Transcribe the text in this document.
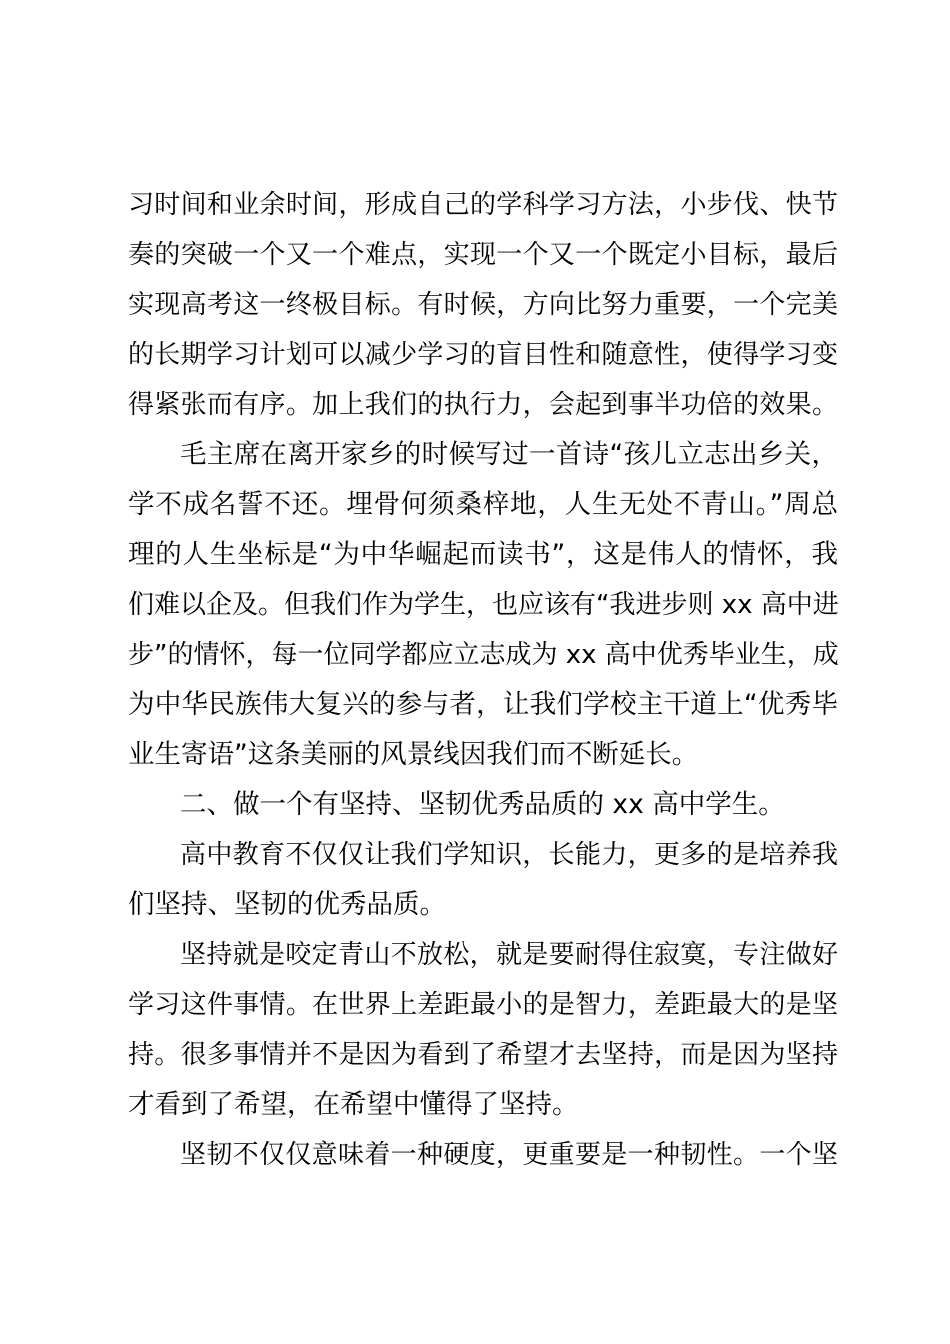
习时间和业余时间，形成自己的学科学习方法，小步伐、快节
奏的突破一个又一个难点，实现一个又一个既定小目标，最后
实现高考这一终极目标。有时候，方向比努力重要，一个完美
的长期学习计划可以减少学习的盲目性和随意性，使得学习变
得紧张而有序。加上我们的执行力，会起到事半功倍的效果。
毛主席在离开家乡的时候写过一首诗“孩儿立志出乡关，
学不成名誓不还。埋骨何须桑梓地，人生无处不青山。”周总
理的人生坐标是“为中华崛起而读书”，这是伟人的情怀，我
们难以企及。但我们作为学生，也应该有“我进步则 xx 高中进
步”的情怀，每一位同学都应立志成为 xx 高中优秀毕业生，成
为中华民族伟大复兴的参与者，让我们学校主干道上“优秀毕
业生寄语”这条美丽的风景线因我们而不断延长。
二、做一个有坚持、坚韧优秀品质的 xx 高中学生。
高中教育不仅仅让我们学知识，长能力，更多的是培养我
们坚持、坚韧的优秀品质。
坚持就是咬定青山不放松，就是要耐得住寂寞，专注做好
学习这件事情。在世界上差距最小的是智力，差距最大的是坚
持。很多事情并不是因为看到了希望才去坚持，而是因为坚持
才看到了希望，在希望中懂得了坚持。
坚韧不仅仅意味着一种硬度，更重要是一种韧性。一个坚
